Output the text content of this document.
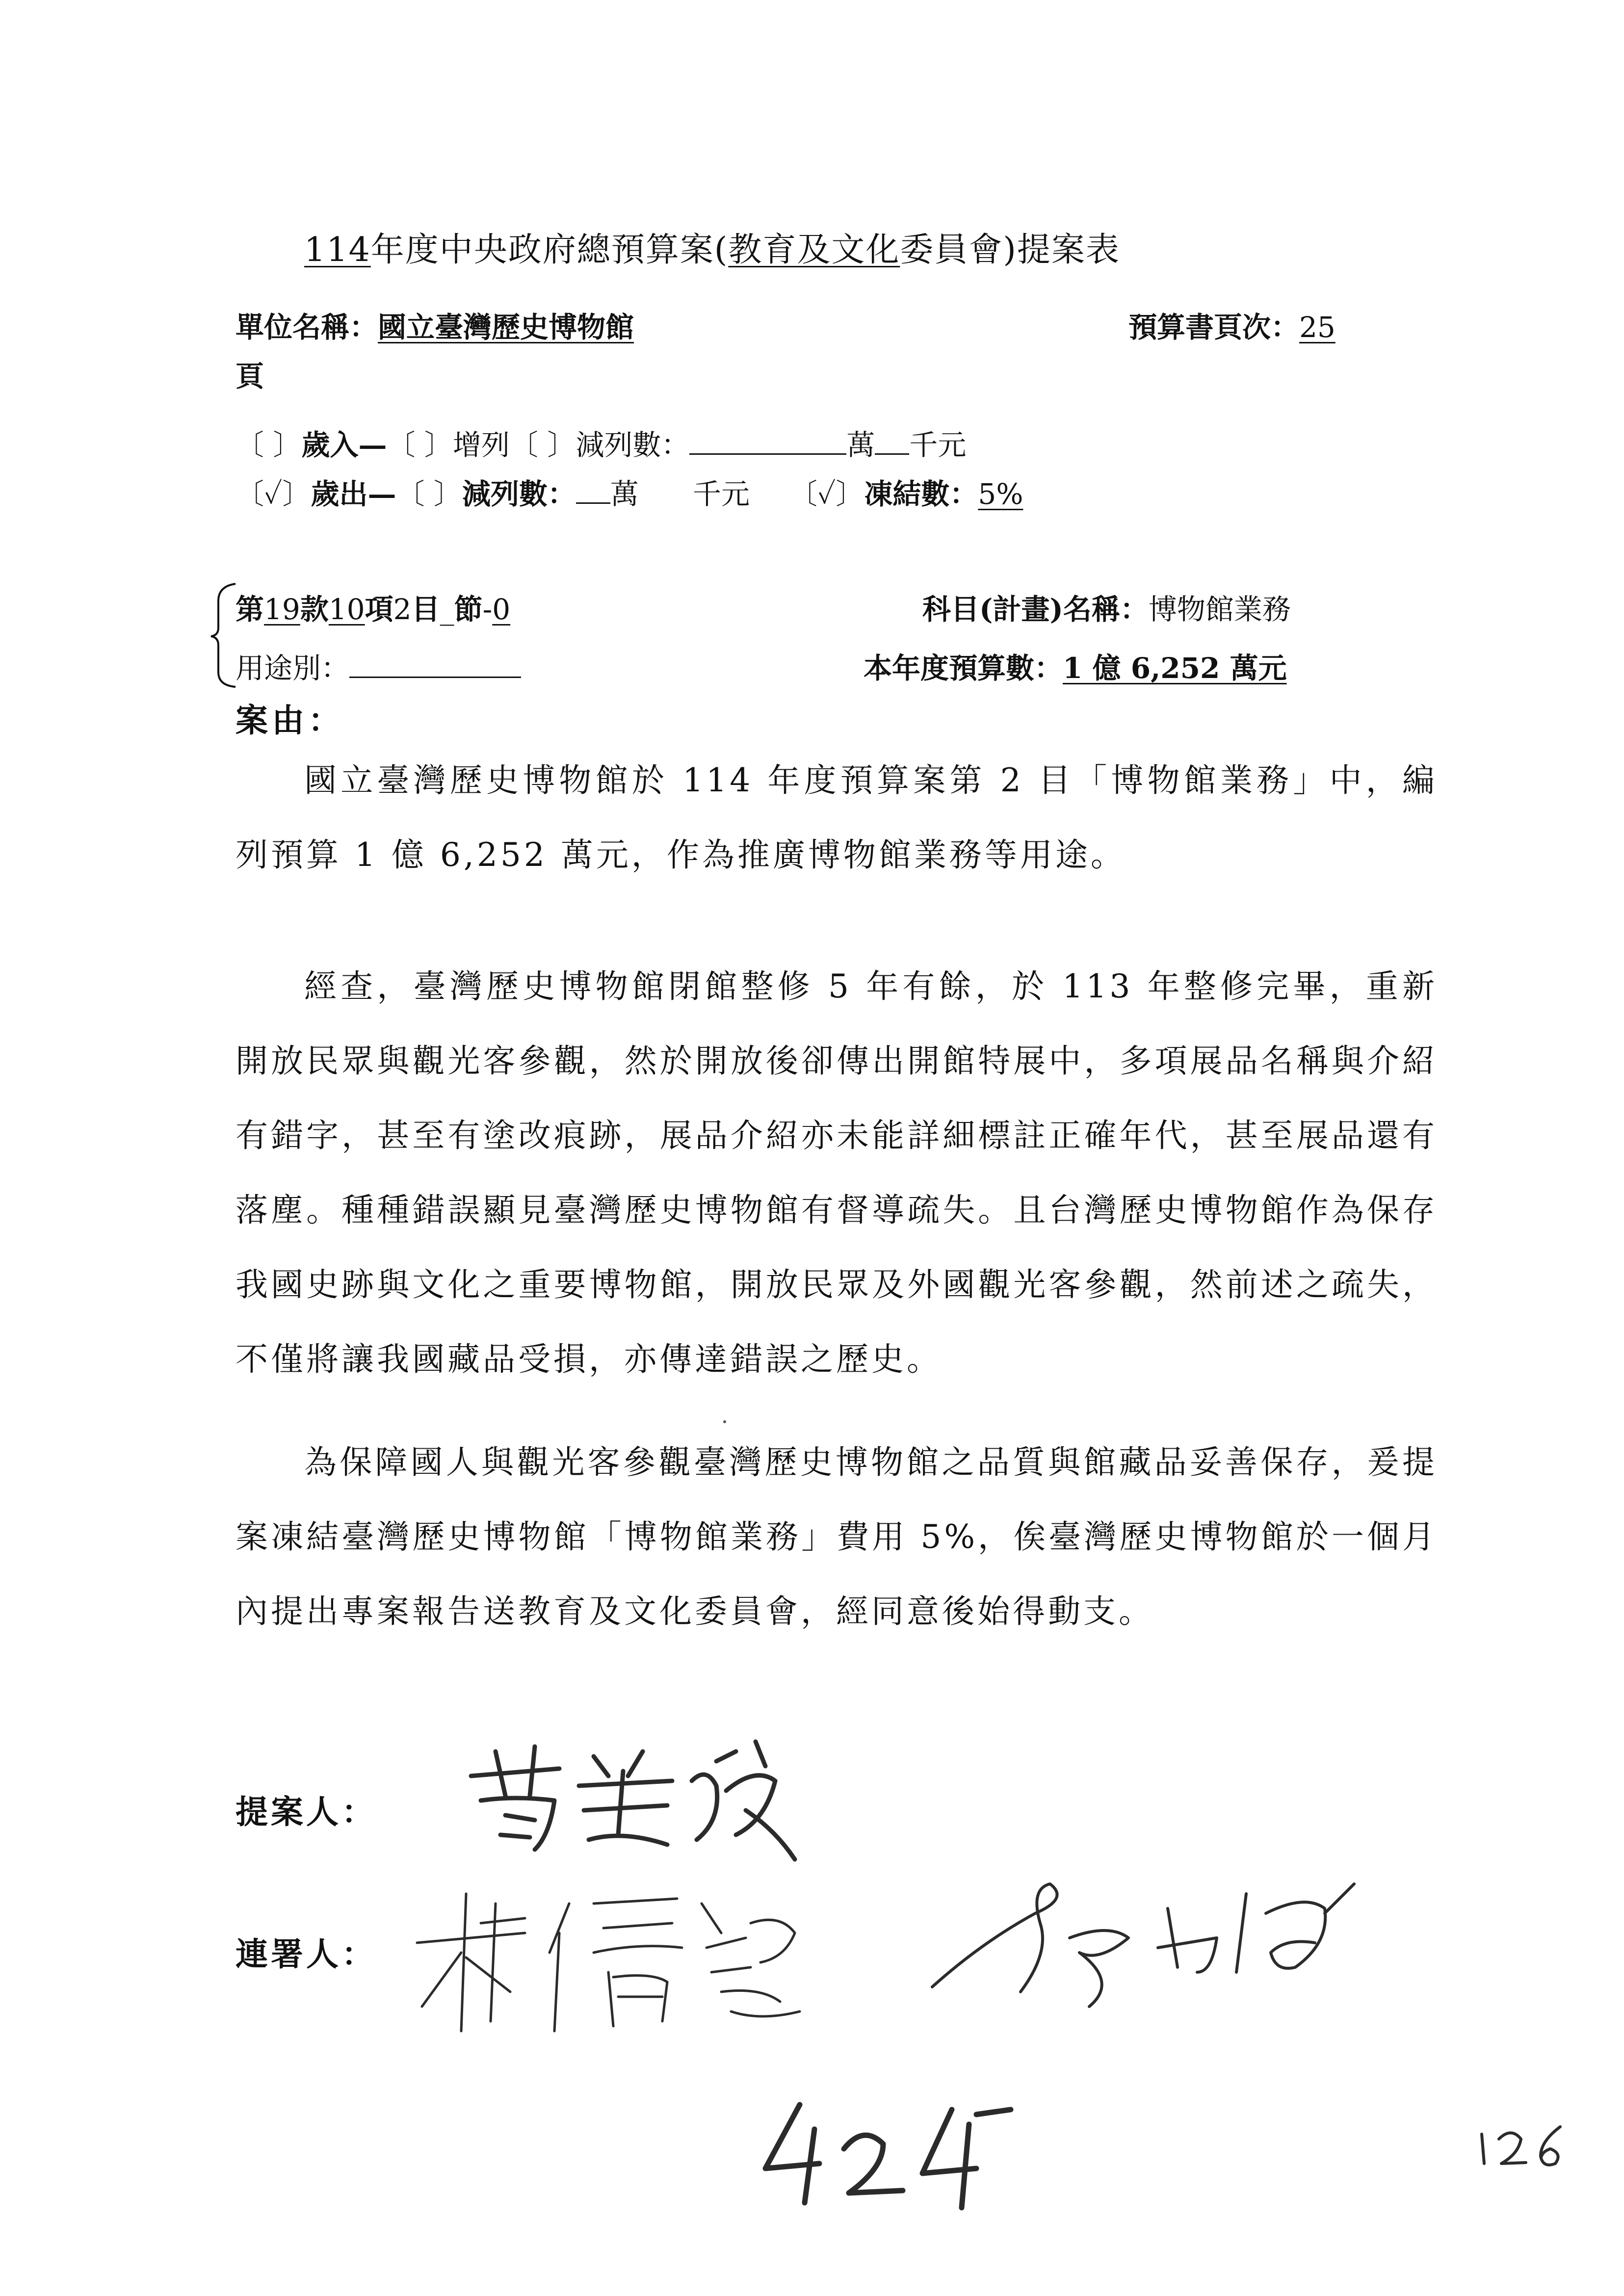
114年度中央政府總預算案(教育及文化委員會)提案表
單位名稱：國立臺灣歷史博物館	預算書頁次：25
頁
〔 〕歲入—〔 〕增列〔 〕減列數：	萬 千元
〔✓〕歲出—〔 〕減列數： 萬 千元 〔✓〕凍結數：5%
第19款10項2目_節-0	科目(計畫)名稱：博物館業務
用途別：	本年度預算數：1 億 6,252 萬元
案由：
國立臺灣歷史博物館於 114 年度預算案第 2 目「博物館業務」中，編列預算 1 億 6,252 萬元，作為推廣博物館業務等用途。
經查，臺灣歷史博物館閉館整修 5 年有餘，於 113 年整修完畢，重新開放民眾與觀光客參觀，然於開放後卻傳出開館特展中，多項展品名稱與介紹有錯字，甚至有塗改痕跡，展品介紹亦未能詳細標註正確年代，甚至展品還有落塵。種種錯誤顯見臺灣歷史博物館有督導疏失。且台灣歷史博物館作為保存我國史跡與文化之重要博物館，開放民眾及外國觀光客參觀，然前述之疏失，不僅將讓我國藏品受損，亦傳達錯誤之歷史。
為保障國人與觀光客參觀臺灣歷史博物館之品質與館藏品妥善保存，爰提案凍結臺灣歷史博物館「博物館業務」費用 5%，俟臺灣歷史博物館於一個月內提出專案報告送教育及文化委員會，經同意後始得動支。
提案人：
連署人：
